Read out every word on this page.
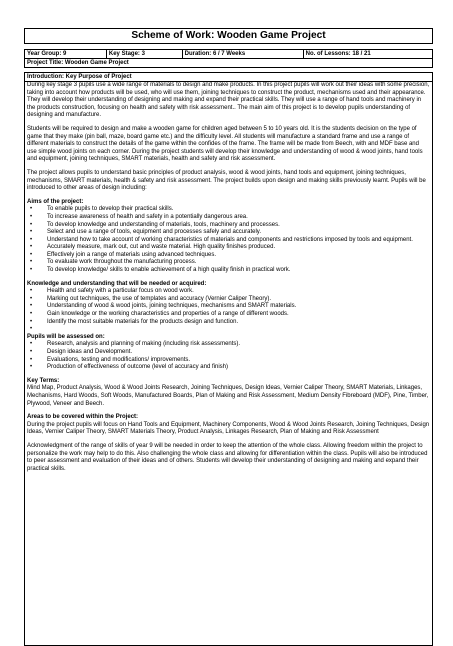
Scheme of Work: Wooden Game Project
Year Group: 9	Key Stage: 3	Duration: 6 / 7 Weeks	No. of Lessons: 18 / 21
Project Title: Wooden Game Project
Introduction: Key Purpose of Project

During key stage 3 pupils use a wide range of materials to design and make products. In this project pupils will work out their ideas with some precision, taking into account how products will be used, who will use them, joining techniques to construct the product, mechanisms used and their appearance. They will develop their understanding of designing and making and expand their practical skills. They will use a range of hand tools and machinery in the products construction, focusing on health and safety with risk assessment.. The main aim of this project is to develop pupils understanding of designing and manufacture.

Students will be required to design and make a wooden game for children aged between 5 to 10 years old. It is the students decision on the type of game that they make (pin ball, maze, board game etc.) and the difficulty level. All students will manufacture a standard frame and use a range of different materials to construct the details of the game within the confides of the frame. The frame will be made from Beech, with and MDF base and use simple wood joints on each corner. During the project students will develop their knowledge and understanding of wood & wood joints, hand tools and equipment, joining techniques, SMART materials, health and safety and risk assessment.

The project allows pupils to understand basic principles of product analysis, wood & wood joints, hand tools and equipment, joining techniques, mechanisms, SMART materials, health & safety and risk assessment. The project builds upon design and making skills previously learnt. Pupils will be introduced to other areas of design including:

Aims of the project:

• To enable pupils to develop their practical skills.
• To increase awareness of health and safety in a potentially dangerous area.
• To develop knowledge and understanding of materials, tools, machinery and processes.
• Select and use a range of tools, equipment and processes safely and accurately.
• Understand how to take account of working characteristics of materials and components and restrictions imposed by tools and equipment.
• Accurately measure, mark out, cut and waste material. High quality finishes produced.
• Effectively join a range of materials using advanced techniques.
• To evaluate work throughout the manufacturing process.
• To develop knowledge/ skills to enable achievement of a high quality finish in practical work.

Knowledge and understanding that will be needed or acquired:

• Health and safety with a particular focus on wood work.
• Marking out techniques, the use of templates and accuracy (Vernier Caliper Theory).
• Understanding of wood & wood joints, joining techniques, mechanisms and SMART materials.
• Gain knowledge or the working characteristics and properties of a range of different woods.
• Identify the most suitable materials for the products design and function.
•

Pupils will be assessed on:

• Research, analysis and planning of making (including risk assessments).
• Design ideas and Development.
• Evaluations, testing and modifications/ improvements.
• Production of effectiveness of outcome (level of accuracy and finish)

Key Terms:

Mind Map, Product Analysis, Wood & Wood Joints Research, Joining Techniques, Design Ideas, Vernier Caliper Theory, SMART Materials, Linkages, Mechanisms, Hard Woods, Soft Woods, Manufactured Boards, Plan of Making and Risk Assessment, Medium Density Fibreboard (MDF), Pine, Timber, Plywood, Veneer and Beech.

Areas to be covered within the Project:

During the project pupils will focus on Hand Tools and Equipment, Machinery Components, Wood & Wood Joints Research, Joining Techniques, Design Ideas, Vernier Caliper Theory, SMART Materials Theory, Product Analysis, Linkages Research, Plan of Making and Risk Assessment

Acknowledgment of the range of skills of year 9 will be needed in order to keep the attention of the whole class. Allowing freedom within the project to personalize the work may help to do this. Also challenging the whole class and allowing for differentiation within the class. Pupils will also be introduced to peer assessment and evaluation of their ideas and of others. Students will develop their understanding of designing and making and expand their practical skills.
